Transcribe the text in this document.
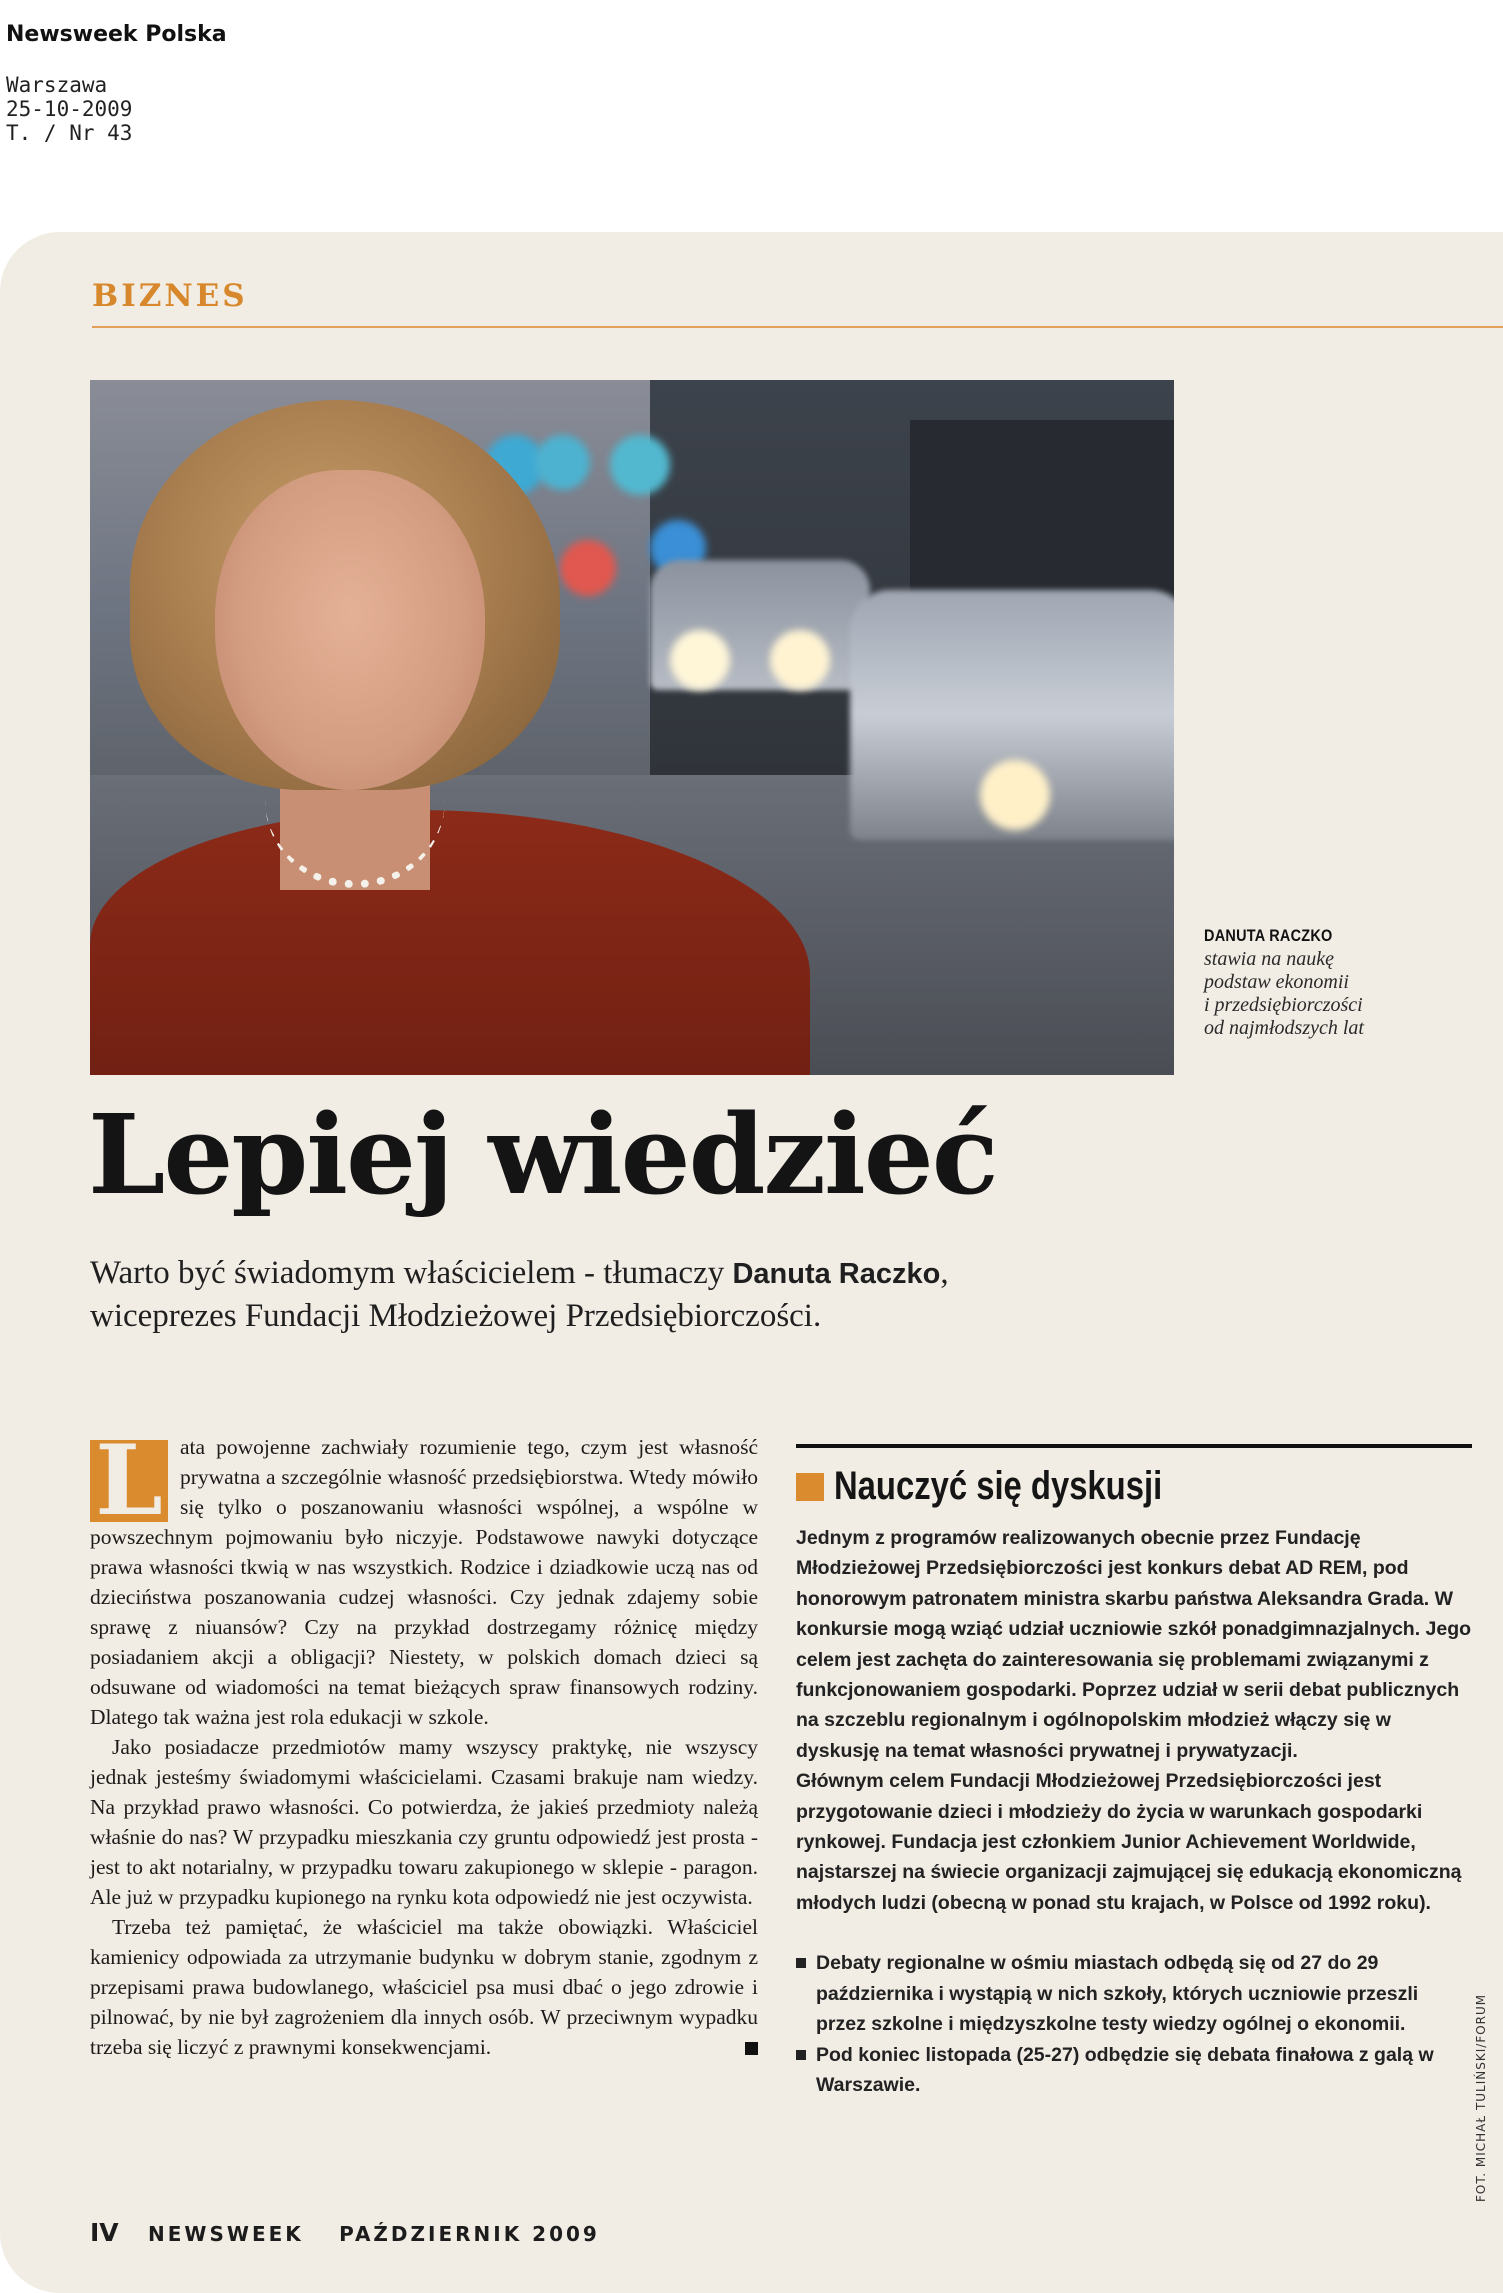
Newsweek Polska
Warszawa
25-10-2009
T. / Nr 43
BIZNES
DANUTA RACZKO
stawia na naukę
podstaw ekonomii
i przedsiębiorczości
od najmłodszych lat
Lepiej wiedzieć
Warto być świadomym właścicielem - tłumaczy Danuta Raczko, wiceprezes Fundacji Młodzieżowej Przedsiębiorczości.
L ata powojenne zachwiały rozumienie tego, czym jest własność prywatna a szczególnie własność przedsiębiorstwa. Wtedy mówiło się tylko o poszanowaniu własności wspólnej, a wspólne w powszechnym pojmowaniu było niczyje. Podstawowe nawyki dotyczące prawa własności tkwią w nas wszystkich. Rodzice i dziadkowie uczą nas od dzieciństwa poszanowania cudzej własności. Czy jednak zdajemy sobie sprawę z niuansów? Czy na przykład dostrzegamy różnicę między posiadaniem akcji a obligacji? Niestety, w polskich domach dzieci są odsuwane od wiadomości na temat bieżących spraw finansowych rodziny. Dlatego tak ważna jest rola edukacji w szkole.

Jako posiadacze przedmiotów mamy wszyscy praktykę, nie wszyscy jednak jesteśmy świadomymi właścicielami. Czasami brakuje nam wiedzy. Na przykład prawo własności. Co potwierdza, że jakieś przedmioty należą właśnie do nas? W przypadku mieszkania czy gruntu odpowiedź jest prosta - jest to akt notarialny, w przypadku towaru zakupionego w sklepie - paragon. Ale już w przypadku kupionego na rynku kota odpowiedź nie jest oczywista.

Trzeba też pamiętać, że właściciel ma także obowiązki. Właściciel kamienicy odpowiada za utrzymanie budynku w dobrym stanie, zgodnym z przepisami prawa budowlanego, właściciel psa musi dbać o jego zdrowie i pilnować, by nie był zagrożeniem dla innych osób. W przeciwnym wypadku trzeba się liczyć z prawnymi konsekwencjami.

Nauczyć się dyskusji

Jednym z programów realizowanych obecnie przez Fundację Młodzieżowej Przedsiębiorczości jest konkurs debat AD REM, pod honorowym patronatem ministra skarbu państwa Aleksandra Grada. W konkursie mogą wziąć udział uczniowie szkół ponadgimnazjalnych. Jego celem jest zachęta do zainteresowania się problemami związanymi z funkcjonowaniem gospodarki. Poprzez udział w serii debat publicznych na szczeblu regionalnym i ogólnopolskim młodzież włączy się w dyskusję na temat własności prywatnej i prywatyzacji.

Głównym celem Fundacji Młodzieżowej Przedsiębiorczości jest przygotowanie dzieci i młodzieży do życia w warunkach gospodarki rynkowej. Fundacja jest członkiem Junior Achievement Worldwide, najstarszej na świecie organizacji zajmującej się edukacją ekonomiczną młodych ludzi (obecną w ponad stu krajach, w Polsce od 1992 roku).

Debaty regionalne w ośmiu miastach odbędą się od 27 do 29 października i wystąpią w nich szkoły, których uczniowie przeszli przez szkolne i międzyszkolne testy wiedzy ogólnej o ekonomii.
Pod koniec listopada (25-27) odbędzie się debata finałowa z galą w Warszawie.	FOT. MICHAŁ TULIŃSKI/FORUM
IV NEWSWEEK PAŹDZIERNIK 2009
